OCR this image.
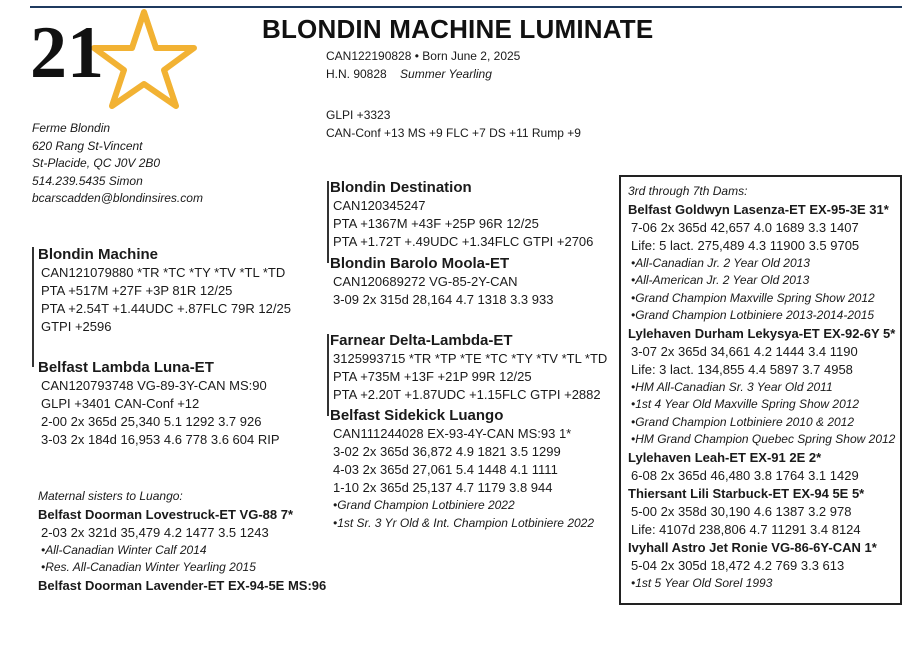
21	BLONDIN MACHINE LUMINATE
CAN122190828 • Born June 2, 2025
H.N. 90828 Summer Yearling
GLPI +3323
CAN-Conf +13 MS +9 FLC +7 DS +11 Rump +9
Ferme Blondin
620 Rang St-Vincent
St-Placide, QC J0V 2B0
514.239.5435 Simon
bcarscadden@blondinsires.com
Blondin Machine
CAN121079880 *TR *TC *TY *TV *TL *TD
PTA +517M +27F +3P 81R 12/25
PTA +2.54T +1.44UDC +.87FLC 79R 12/25
GTPI +2596
Belfast Lambda Luna-ET
CAN120793748 VG-89-3Y-CAN MS:90
GLPI +3401 CAN-Conf +12
2-00 2x 365d 25,340 5.1 1292 3.7 926
3-03 2x 184d 16,953 4.6 778 3.6 604 RIP
Maternal sisters to Luango:
Belfast Doorman Lovestruck-ET VG-88 7*
2-03 2x 321d 35,479 4.2 1477 3.5 1243
•All-Canadian Winter Calf 2014
•Res. All-Canadian Winter Yearling 2015
Belfast Doorman Lavender-ET EX-94-5E MS:96
Blondin Destination
CAN120345247
PTA +1367M +43F +25P 96R 12/25
PTA +1.72T +.49UDC +1.34FLC GTPI +2706
Blondin Barolo Moola-ET
CAN120689272 VG-85-2Y-CAN
3-09 2x 315d 28,164 4.7 1318 3.3 933
Farnear Delta-Lambda-ET
3125993715 *TR *TP *TE *TC *TY *TV *TL *TD
PTA +735M +13F +21P 99R 12/25
PTA +2.20T +1.87UDC +1.15FLC GTPI +2882
Belfast Sidekick Luango
CAN111244028 EX-93-4Y-CAN MS:93 1*
3-02 2x 365d 36,872 4.9 1821 3.5 1299
4-03 2x 365d 27,061 5.4 1448 4.1 1111
1-10 2x 365d 25,137 4.7 1179 3.8 944
•Grand Champion Lotbiniere 2022
•1st Sr. 3 Yr Old & Int. Champion Lotbiniere 2022
3rd through 7th Dams:
Belfast Goldwyn Lasenza-ET EX-95-3E 31*
7-06 2x 365d 42,657 4.0 1689 3.3 1407
Life: 5 lact. 275,489 4.3 11900 3.5 9705
•All-Canadian Jr. 2 Year Old 2013
•All-American Jr. 2 Year Old 2013
•Grand Champion Maxville Spring Show 2012
•Grand Champion Lotbiniere 2013-2014-2015
Lylehaven Durham Lekysya-ET EX-92-6Y 5*
3-07 2x 365d 34,661 4.2 1444 3.4 1190
Life: 3 lact. 134,855 4.4 5897 3.7 4958
•HM All-Canadian Sr. 3 Year Old 2011
•1st 4 Year Old Maxville Spring Show 2012
•Grand Champion Lotbiniere 2010 & 2012
•HM Grand Champion Quebec Spring Show 2012
Lylehaven Leah-ET EX-91 2E 2*
6-08 2x 365d 46,480 3.8 1764 3.1 1429
Thiersant Lili Starbuck-ET EX-94 5E 5*
5-00 2x 358d 30,190 4.6 1387 3.2 978
Life: 4107d 238,806 4.7 11291 3.4 8124
Ivyhall Astro Jet Ronie VG-86-6Y-CAN 1*
5-04 2x 305d 18,472 4.2 769 3.3 613
•1st 5 Year Old Sorel 1993
